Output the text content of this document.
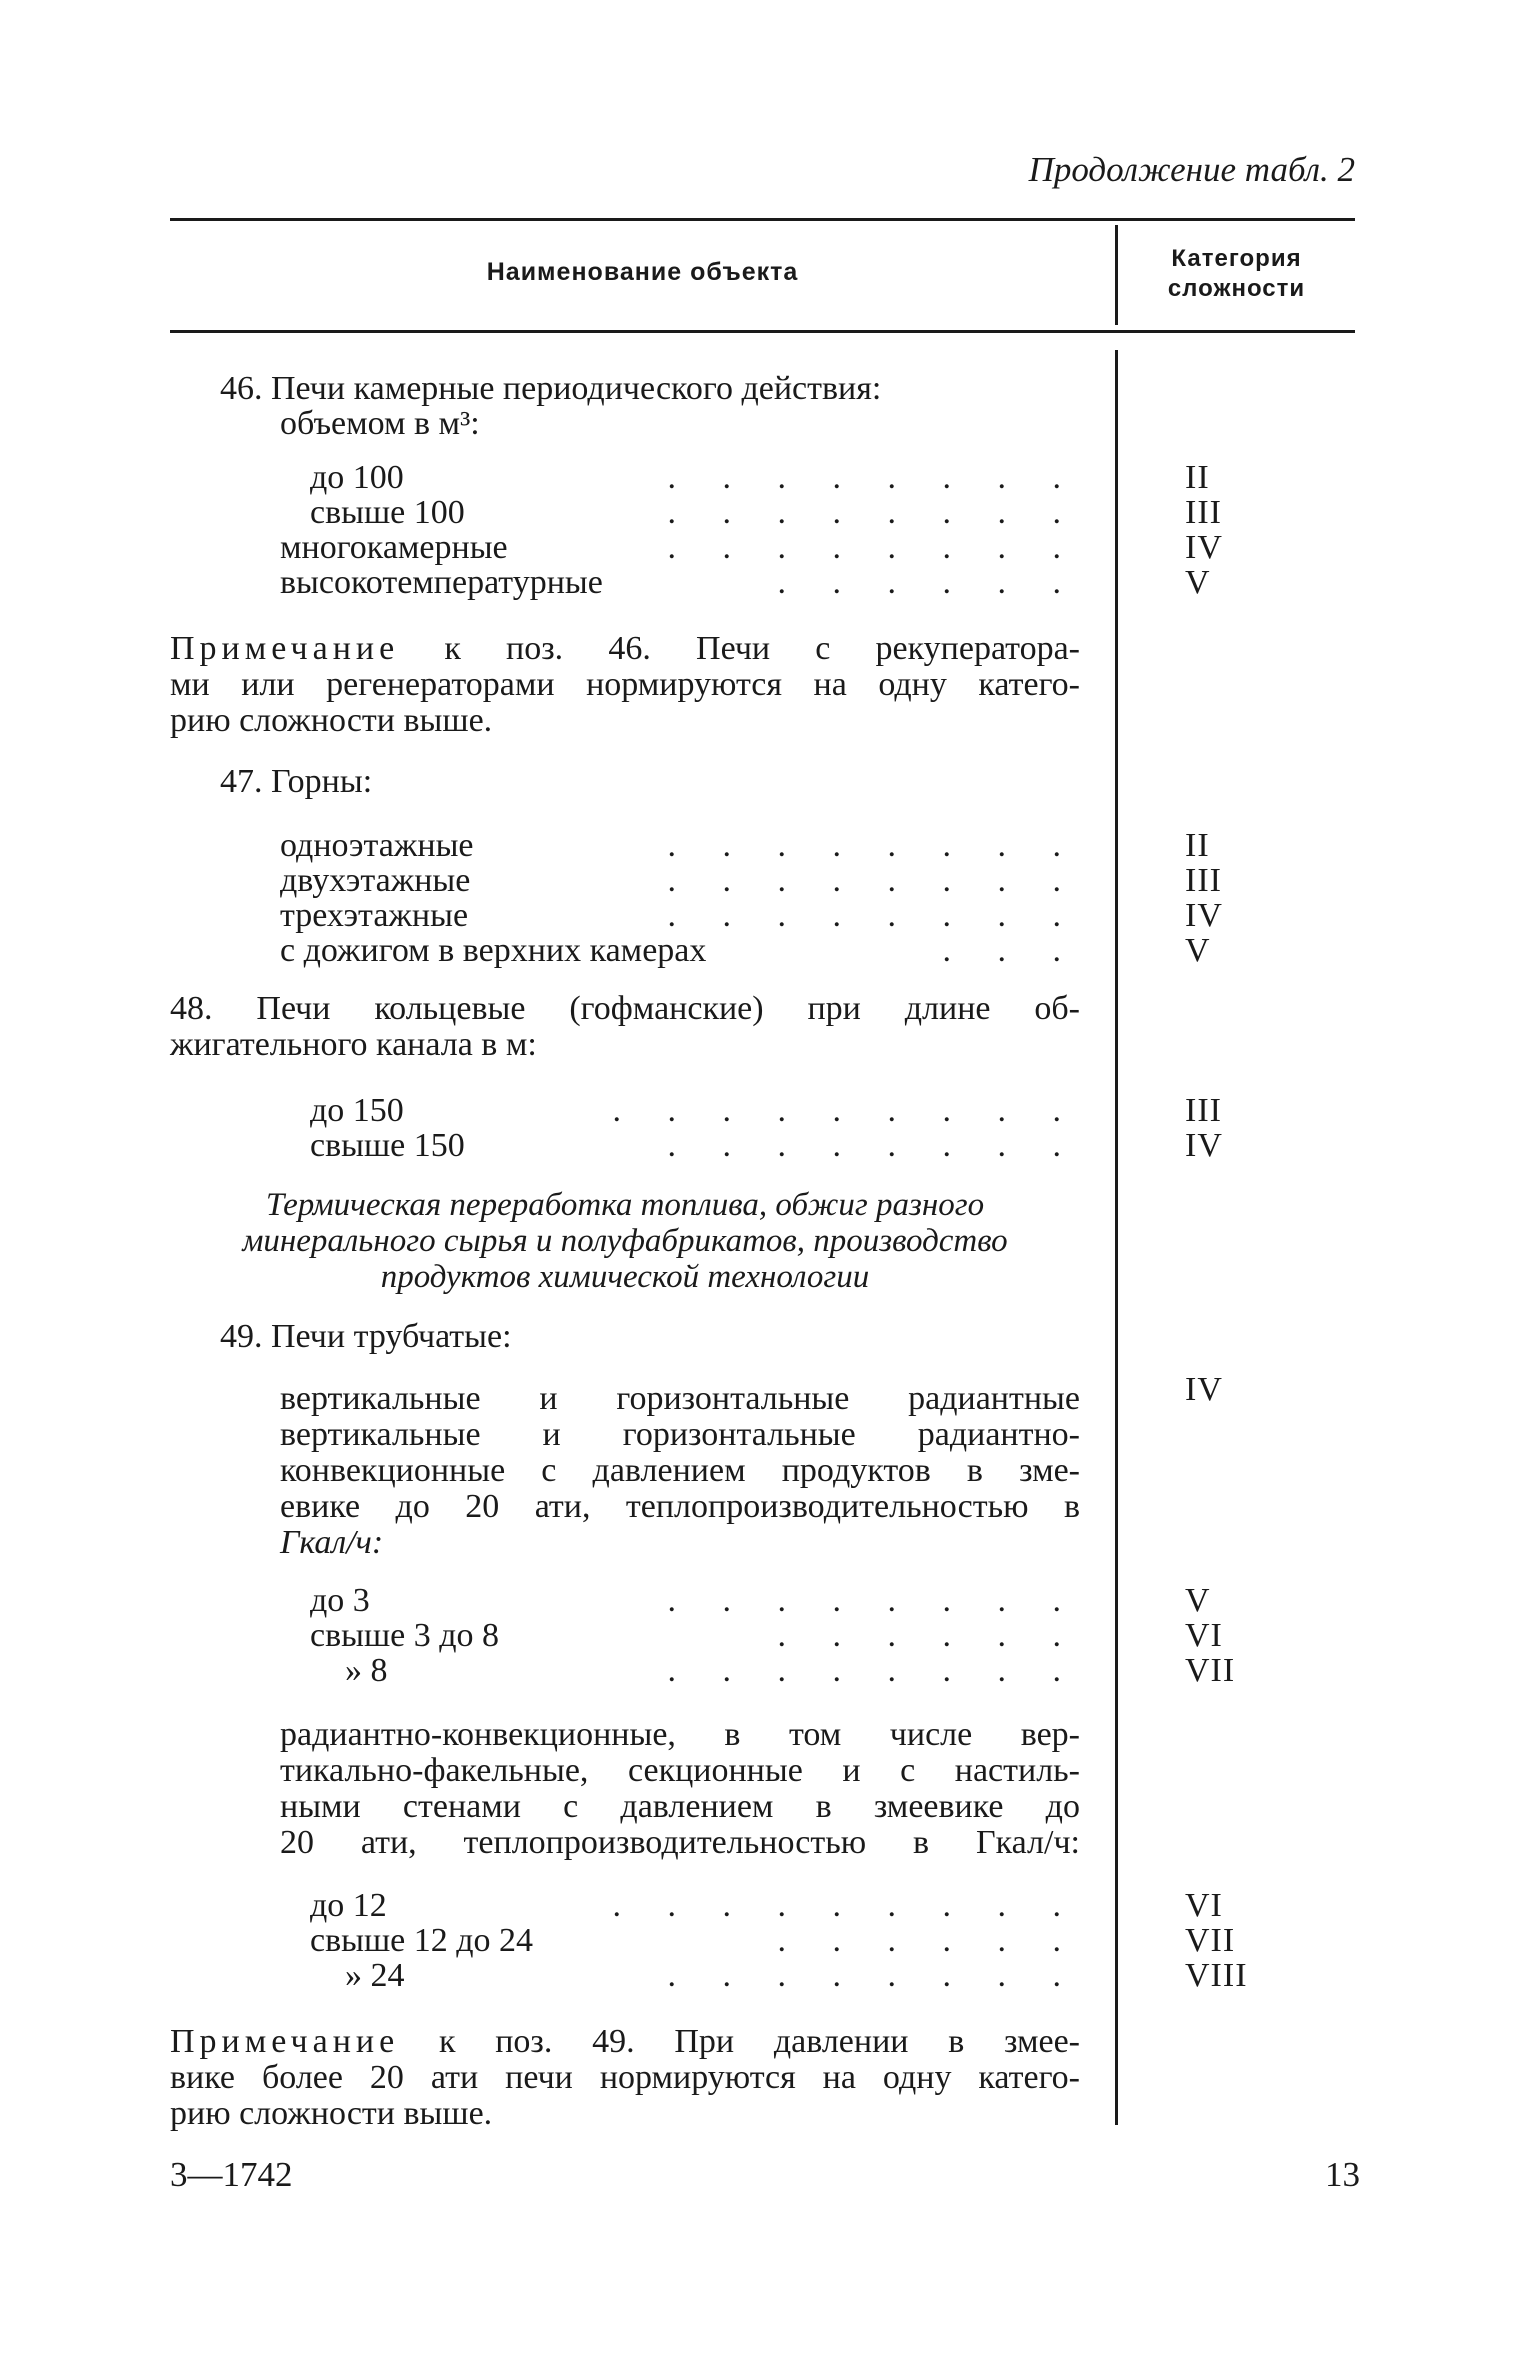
Продолжение табл. 2
Наименование объекта	Категория
сложности
46. Печи камерные периодического действия:
объемом в м³:
до 100	. . . . . . . .	II
свыше 100	. . . . . . . .	III
многокамерные	. . . . . . . .	IV
высокотемпературные	. . . . . .	V
Примечание к поз. 46. Печи с рекуператора-
ми или регенераторами нормируются на одну катего-
рию сложности выше.
47. Горны:
одноэтажные	. . . . . . . .	II
двухэтажные	. . . . . . . .	III
трехэтажные	. . . . . . . .	IV
с дожигом в верхних камерах	. . .	V
48. Печи кольцевые (гофманские) при длине об-
жигательного канала в м:
до 150	. . . . . . . . .	III
свыше 150	. . . . . . . .	IV
Термическая переработка топлива, обжиг разного
минерального сырья и полуфабрикатов, производство
продуктов химической технологии
49. Печи трубчатые:
вертикальные и горизонтальные радиантные	IV
вертикальные и горизонтальные радиантно-
конвекционные с давлением продуктов в зме-
евике до 20 ати, теплопроизводительностью в
Гкал/ч:
до 3	. . . . . . . .	V
свыше 3 до 8	. . . . . .	VI
» 8	. . . . . . . .	VII
радиантно-конвекционные, в том числе вер-
тикально-факельные, секционные и с настиль-
ными стенами с давлением в змеевике до
20 ати, теплопроизводительностью в Гкал/ч:
до 12	. . . . . . . . .	VI
свыше 12 до 24	. . . . . .	VII
» 24	. . . . . . . .	VIII
Примечание к поз. 49. При давлении в змее-
вике более 20 ати печи нормируются на одну катего-
рию сложности выше.
3—1742	13
